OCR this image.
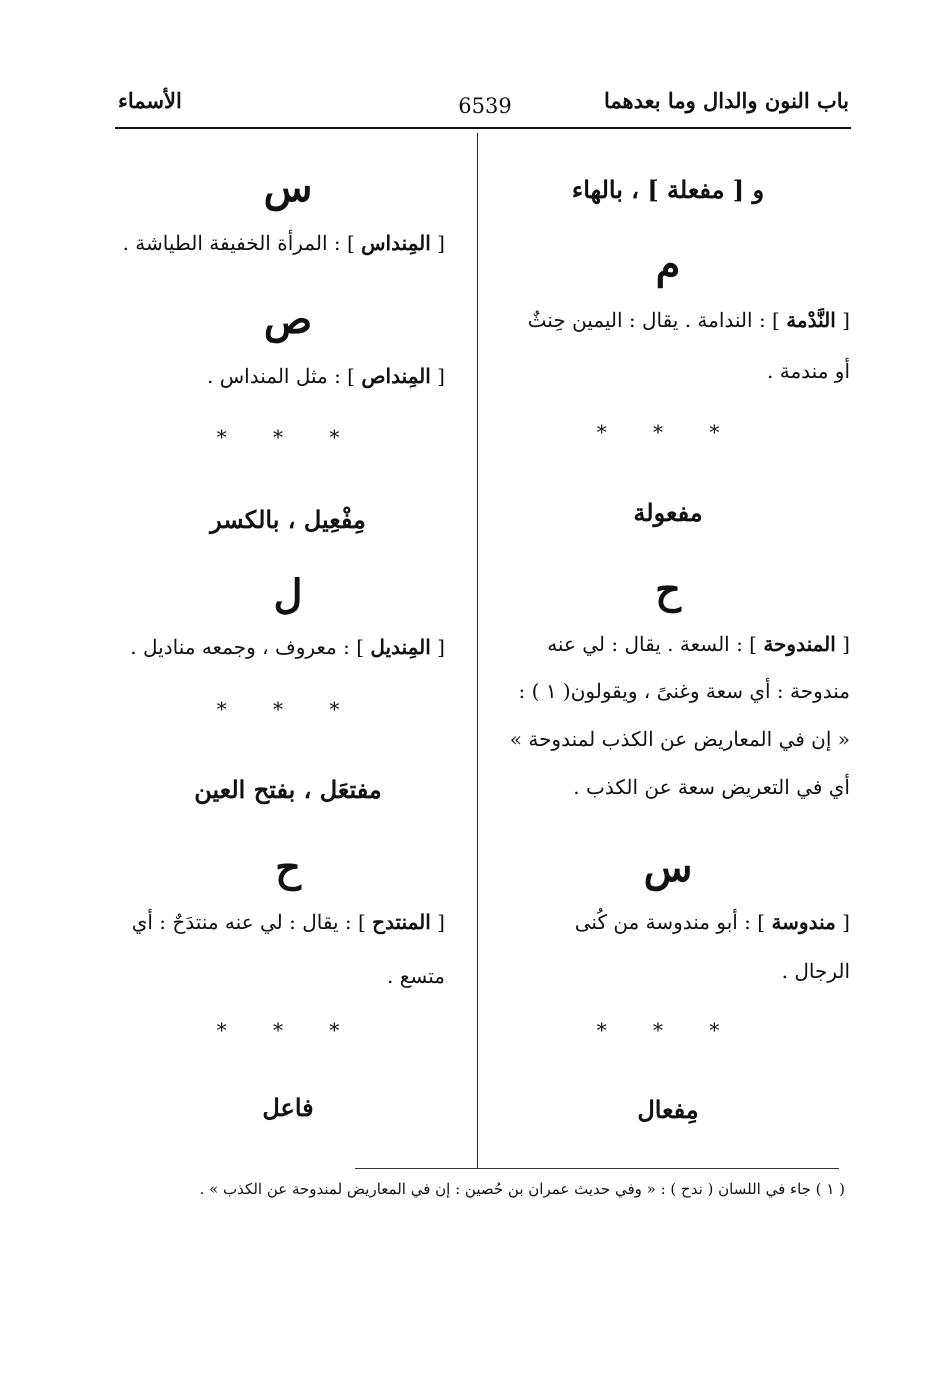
باب النون والدال وما بعدهما
6539
الأسماء
و [ مفعلة ] ، بالهاء
م
[ النَّدْمة ] : الندامة . يقال : اليمين حِنثٌ
أو مندمة .
* * *
مفعولة
ح
[ المندوحة ] : السعة . يقال : لي عنه
مندوحة : أي سعة وغنىً ، ويقولون( ١ ) :
« إن في المعاريض عن الكذب لمندوحة »
أي في التعريض سعة عن الكذب .
س
[ مندوسة ] : أبو مندوسة من كُنى
الرجال .
* * *
مِفعال
س
[ المِنداس ] : المرأة الخفيفة الطياشة .
ص
[ المِنداص ] : مثل المنداس .
* * *
مِفْعِيل ، بالكسر
ل
[ المِنديل ] : معروف ، وجمعه مناديل .
* * *
مفتعَل ، بفتح العين
ح
[ المنتدح ] : يقال : لي عنه منتدَحٌ : أي
متسع .
* * *
فاعل
( ١ ) جاء في اللسان ( ندح ) : « وفي حديث عمران بن حُصين : إن في المعاريض لمندوحة عن الكذب » .
